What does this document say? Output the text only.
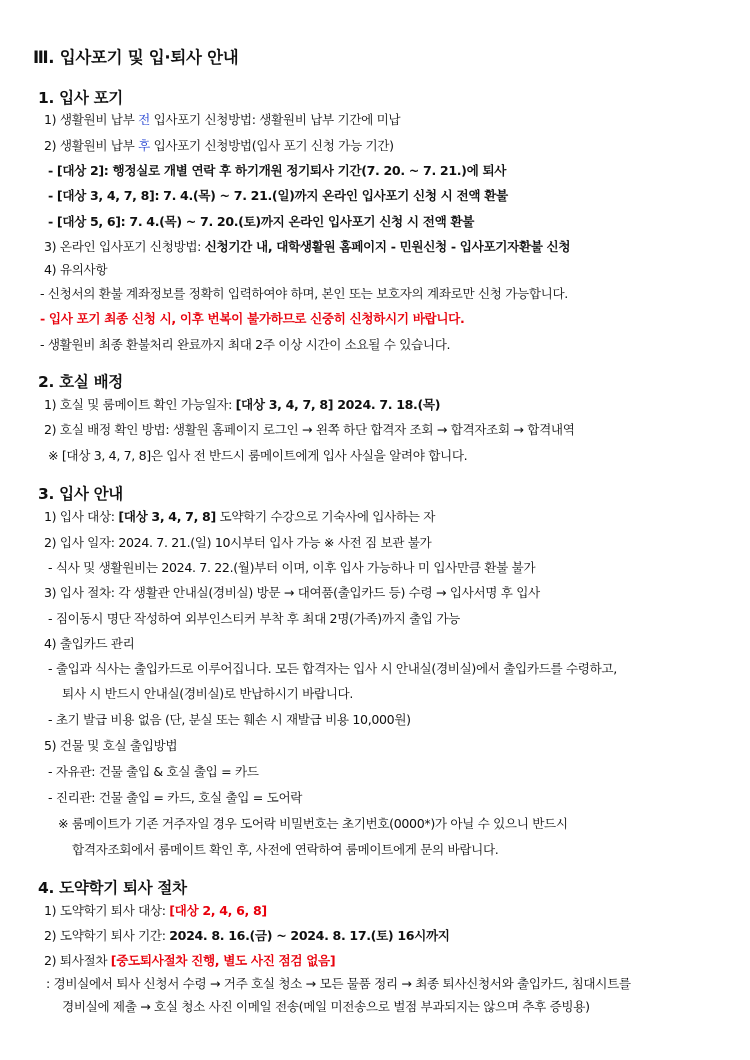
Ⅲ. 입사포기 및 입·퇴사 안내
1. 입사 포기
1) 생활원비 납부 전 입사포기 신청방법: 생활원비 납부 기간에 미납
2) 생활원비 납부 후 입사포기 신청방법(입사 포기 신청 가능 기간)
- [대상 2]: 행정실로 개별 연락 후 하기개원 정기퇴사 기간(7. 20. ~ 7. 21.)에 퇴사
- [대상 3, 4, 7, 8]: 7. 4.(목) ~ 7. 21.(일)까지 온라인 입사포기 신청 시 전액 환불
- [대상 5, 6]: 7. 4.(목) ~ 7. 20.(토)까지 온라인 입사포기 신청 시 전액 환불
3) 온라인 입사포기 신청방법: 신청기간 내, 대학생활원 홈페이지 - 민원신청 - 입사포기자환불 신청
4) 유의사항
- 신청서의 환불 계좌정보를 정확히 입력하여야 하며, 본인 또는 보호자의 계좌로만 신청 가능합니다.
- 입사 포기 최종 신청 시, 이후 번복이 불가하므로 신중히 신청하시기 바랍니다.
- 생활원비 최종 환불처리 완료까지 최대 2주 이상 시간이 소요될 수 있습니다.
2. 호실 배정
1) 호실 및 룸메이트 확인 가능일자: [대상 3, 4, 7, 8] 2024. 7. 18.(목)
2) 호실 배정 확인 방법: 생활원 홈페이지 로그인 → 왼쪽 하단 합격자 조회 → 합격자조회 → 합격내역
※ [대상 3, 4, 7, 8]은 입사 전 반드시 룸메이트에게 입사 사실을 알려야 합니다.
3. 입사 안내
1) 입사 대상: [대상 3, 4, 7, 8] 도약학기 수강으로 기숙사에 입사하는 자
2) 입사 일자: 2024. 7. 21.(일) 10시부터 입사 가능 ※ 사전 짐 보관 불가
- 식사 및 생활원비는 2024. 7. 22.(월)부터 이며, 이후 입사 가능하나 미 입사만큼 환불 불가
3) 입사 절차: 각 생활관 안내실(경비실) 방문 → 대여품(출입카드 등) 수령 → 입사서명 후 입사
- 짐이동시 명단 작성하여 외부인스티커 부착 후 최대 2명(가족)까지 출입 가능
4) 출입카드 관리
- 출입과 식사는 출입카드로 이루어집니다. 모든 합격자는 입사 시 안내실(경비실)에서 출입카드를 수령하고,
퇴사 시 반드시 안내실(경비실)로 반납하시기 바랍니다.
- 초기 발급 비용 없음 (단, 분실 또는 훼손 시 재발급 비용 10,000원)
5) 건물 및 호실 출입방법
- 자유관: 건물 출입 & 호실 출입 = 카드
- 진리관: 건물 출입 = 카드, 호실 출입 = 도어락
※ 룸메이트가 기존 거주자일 경우 도어락 비밀번호는 초기번호(0000*)가 아닐 수 있으니 반드시
합격자조회에서 룸메이트 확인 후, 사전에 연락하여 룸메이트에게 문의 바랍니다.
4. 도약학기 퇴사 절차
1) 도약학기 퇴사 대상: [대상 2, 4, 6, 8]
2) 도약학기 퇴사 기간: 2024. 8. 16.(금) ~ 2024. 8. 17.(토) 16시까지
2) 퇴사절차 [중도퇴사절차 진행, 별도 사진 점검 없음]
: 경비실에서 퇴사 신청서 수령 → 거주 호실 청소 → 모든 물품 정리 → 최종 퇴사신청서와 출입카드, 침대시트를
경비실에 제출 → 호실 청소 사진 이메일 전송(메일 미전송으로 벌점 부과되지는 않으며 추후 증빙용)
